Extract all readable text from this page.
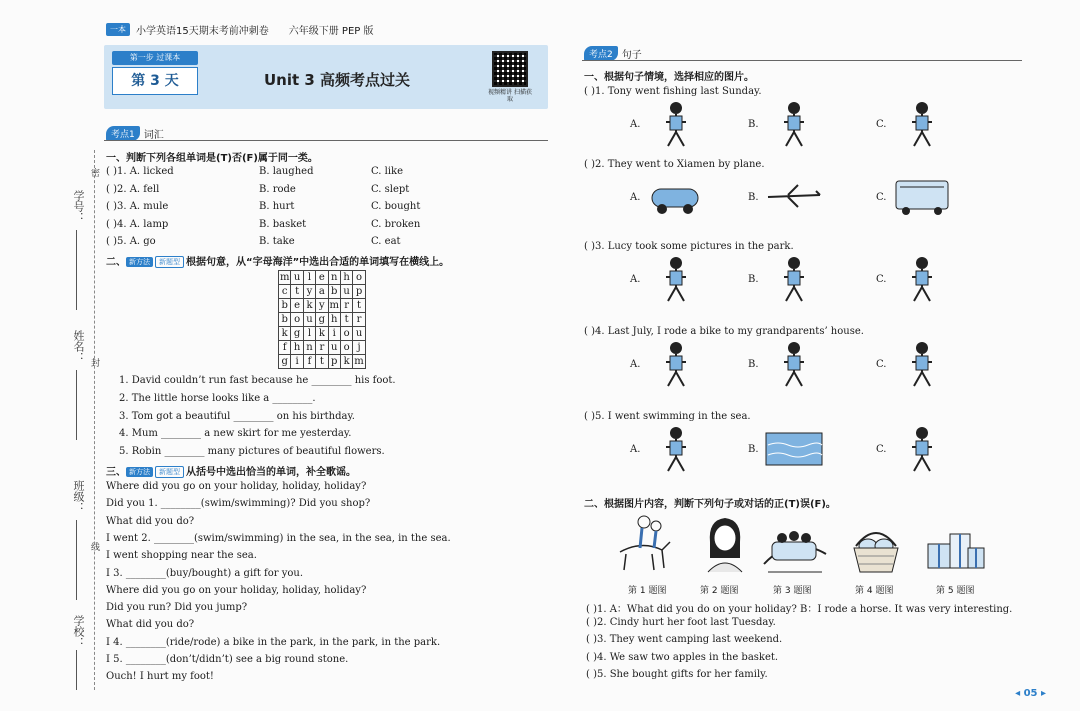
学号：
姓名：
班级：
学校：
密
封
线
一本	小学英语15天期末考前冲刺卷 六年级下册 PEP 版
第一步 过课本
第 3 天	Unit 3 高频考点过关
视频精讲 扫描获取
考点1 词汇
一、判断下列各组单词是(T)否(F)属于同一类。
( )1. A. licked	B. laughed	C. like
( )2. A. fell	B. rode	C. slept
( )3. A. mule	B. hurt	C. bought
( )4. A. lamp	B. basket	C. broken
( )5. A. go	B. take	C. eat
二、 新方法 新题型 根据句意，从“字母海洋”中选出合适的单词填写在横线上。
m	u	l	e	n	h	o
c	t	y	a	b	u	p
b	e	k	y	m	r	t
b	o	u	g	h	t	r
k	g	l	k	i	o	u
f	h	n	r	u	o	j
g	i	f	t	p	k	m
1. David couldn’t run fast because he ________ his foot.
2. The little horse looks like a ________.
3. Tom got a beautiful ________ on his birthday.
4. Mum ________ a new skirt for me yesterday.
5. Robin ________ many pictures of beautiful flowers.
三、 新方法 新题型 从括号中选出恰当的单词，补全歌谣。
Where did you go on your holiday, holiday, holiday?
Did you 1. ________(swim/swimming)? Did you shop?
What did you do?
I went 2. ________(swim/swimming) in the sea, in the sea, in the sea.
I went shopping near the sea.
I 3. ________(buy/bought) a gift for you.
Where did you go on your holiday, holiday, holiday?
Did you run? Did you jump?
What did you do?
I 4. ________(ride/rode) a bike in the park, in the park, in the park.
I 5. ________(don’t/didn’t) see a big round stone.
Ouch! I hurt my foot!
考点2 句子
一、根据句子情境，选择相应的图片。
( )1. Tony went fishing last Sunday.
A.	B.	C.
( )2. They went to Xiamen by plane.
A.	B.	C.
( )3. Lucy took some pictures in the park.
A.	B.	C.
( )4. Last July, I rode a bike to my grandparents’ house.
A.	B.	C.
( )5. I went swimming in the sea.
A.	B.	C.
二、根据图片内容，判断下列句子或对话的正(T)误(F)。
第 1 题图	第 2 题图	第 3 题图	第 4 题图	第 5 题图
( )1. A：What did you do on your holiday? B：I rode a horse. It was very interesting.
( )2. Cindy hurt her foot last Tuesday.
( )3. They went camping last weekend.
( )4. We saw two apples in the basket.
( )5. She bought gifts for her family.
◂ 05 ▸
